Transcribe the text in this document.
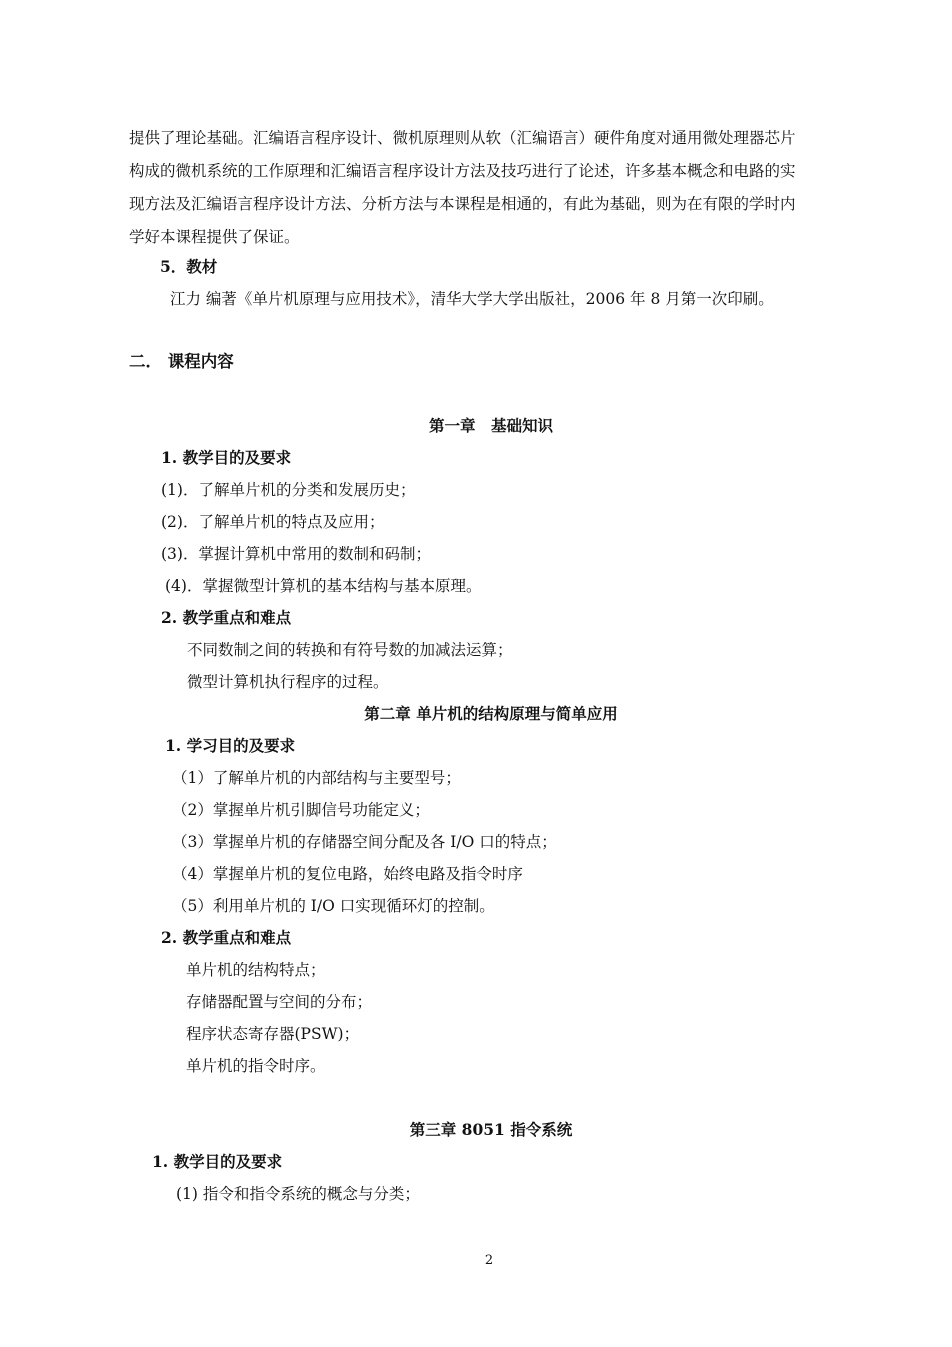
提供了理论基础。汇编语言程序设计、微机原理则从软（汇编语言）硬件角度对通用微处理器芯片
构成的微机系统的工作原理和汇编语言程序设计方法及技巧进行了论述，许多基本概念和电路的实
现方法及汇编语言程序设计方法、分析方法与本课程是相通的，有此为基础，则为在有限的学时内
学好本课程提供了保证。
5．教材
江力 编著《单片机原理与应用技术》，清华大学大学出版社，2006 年 8 月第一次印刷。
二． 课程内容
第一章　基础知识
1. 教学目的及要求
(1)．了解单片机的分类和发展历史；
(2)．了解单片机的特点及应用；
(3)．掌握计算机中常用的数制和码制；
(4)．掌握微型计算机的基本结构与基本原理。
2. 教学重点和难点
不同数制之间的转换和有符号数的加减法运算；
微型计算机执行程序的过程。
第二章 单片机的结构原理与简单应用
1. 学习目的及要求
（1）了解单片机的内部结构与主要型号；
（2）掌握单片机引脚信号功能定义；
（3）掌握单片机的存储器空间分配及各 I/O 口的特点；
（4）掌握单片机的复位电路，始终电路及指令时序
（5）利用单片机的 I/O 口实现循环灯的控制。
2. 教学重点和难点
单片机的结构特点；
存储器配置与空间的分布；
程序状态寄存器(PSW)；
单片机的指令时序。
第三章 8051 指令系统
1. 教学目的及要求
(1) 指令和指令系统的概念与分类；
2
